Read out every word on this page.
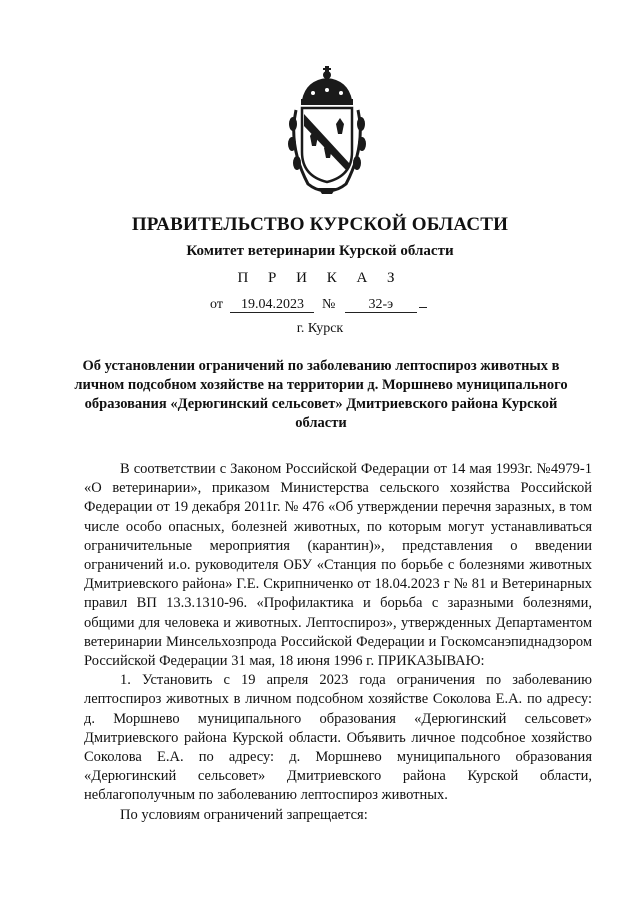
ПРАВИТЕЛЬСТВО КУРСКОЙ ОБЛАСТИ
Комитет ветеринарии Курской области
П Р И К А З
от 19.04.2023 № 32-э
г. Курск
Об установлении ограничений по заболеванию лептоспироз животных в личном подсобном хозяйстве на территории д. Моршнево муниципального образования «Дерюгинский сельсовет» Дмитриевского района Курской области

В соответствии с Законом Российской Федерации от 14 мая 1993г. №4979-1 «О ветеринарии», приказом Министерства сельского хозяйства Российской Федерации от 19 декабря 2011г. № 476 «Об утверждении перечня заразных, в том числе особо опасных, болезней животных, по которым могут устанавливаться ограничительные мероприятия (карантин)», представления о введении ограничений и.о. руководителя ОБУ «Станция по борьбе с болезнями животных Дмитриевского района» Г.Е. Скрипниченко от 18.04.2023 г № 81 и Ветеринарных правил ВП 13.3.1310-96. «Профилактика и борьба с заразными болезнями, общими для человека и животных. Лептоспироз», утвержденных Департаментом ветеринарии Минсельхозпрода Российской Федерации и Госкомсанэпиднадзором Российской Федерации 31 мая, 18 июня 1996 г. ПРИКАЗЫВАЮ:

1. Установить с 19 апреля 2023 года ограничения по заболеванию лептоспироз животных в личном подсобном хозяйстве Соколова Е.А. по адресу: д. Моршнево муниципального образования «Дерюгинский сельсовет» Дмитриевского района Курской области. Объявить личное подсобное хозяйство Соколова Е.А. по адресу: д. Моршнево муниципального образования «Дерюгинский сельсовет» Дмитриевского района Курской области, неблагополучным по заболеванию лептоспироз животных.

По условиям ограничений запрещается:
